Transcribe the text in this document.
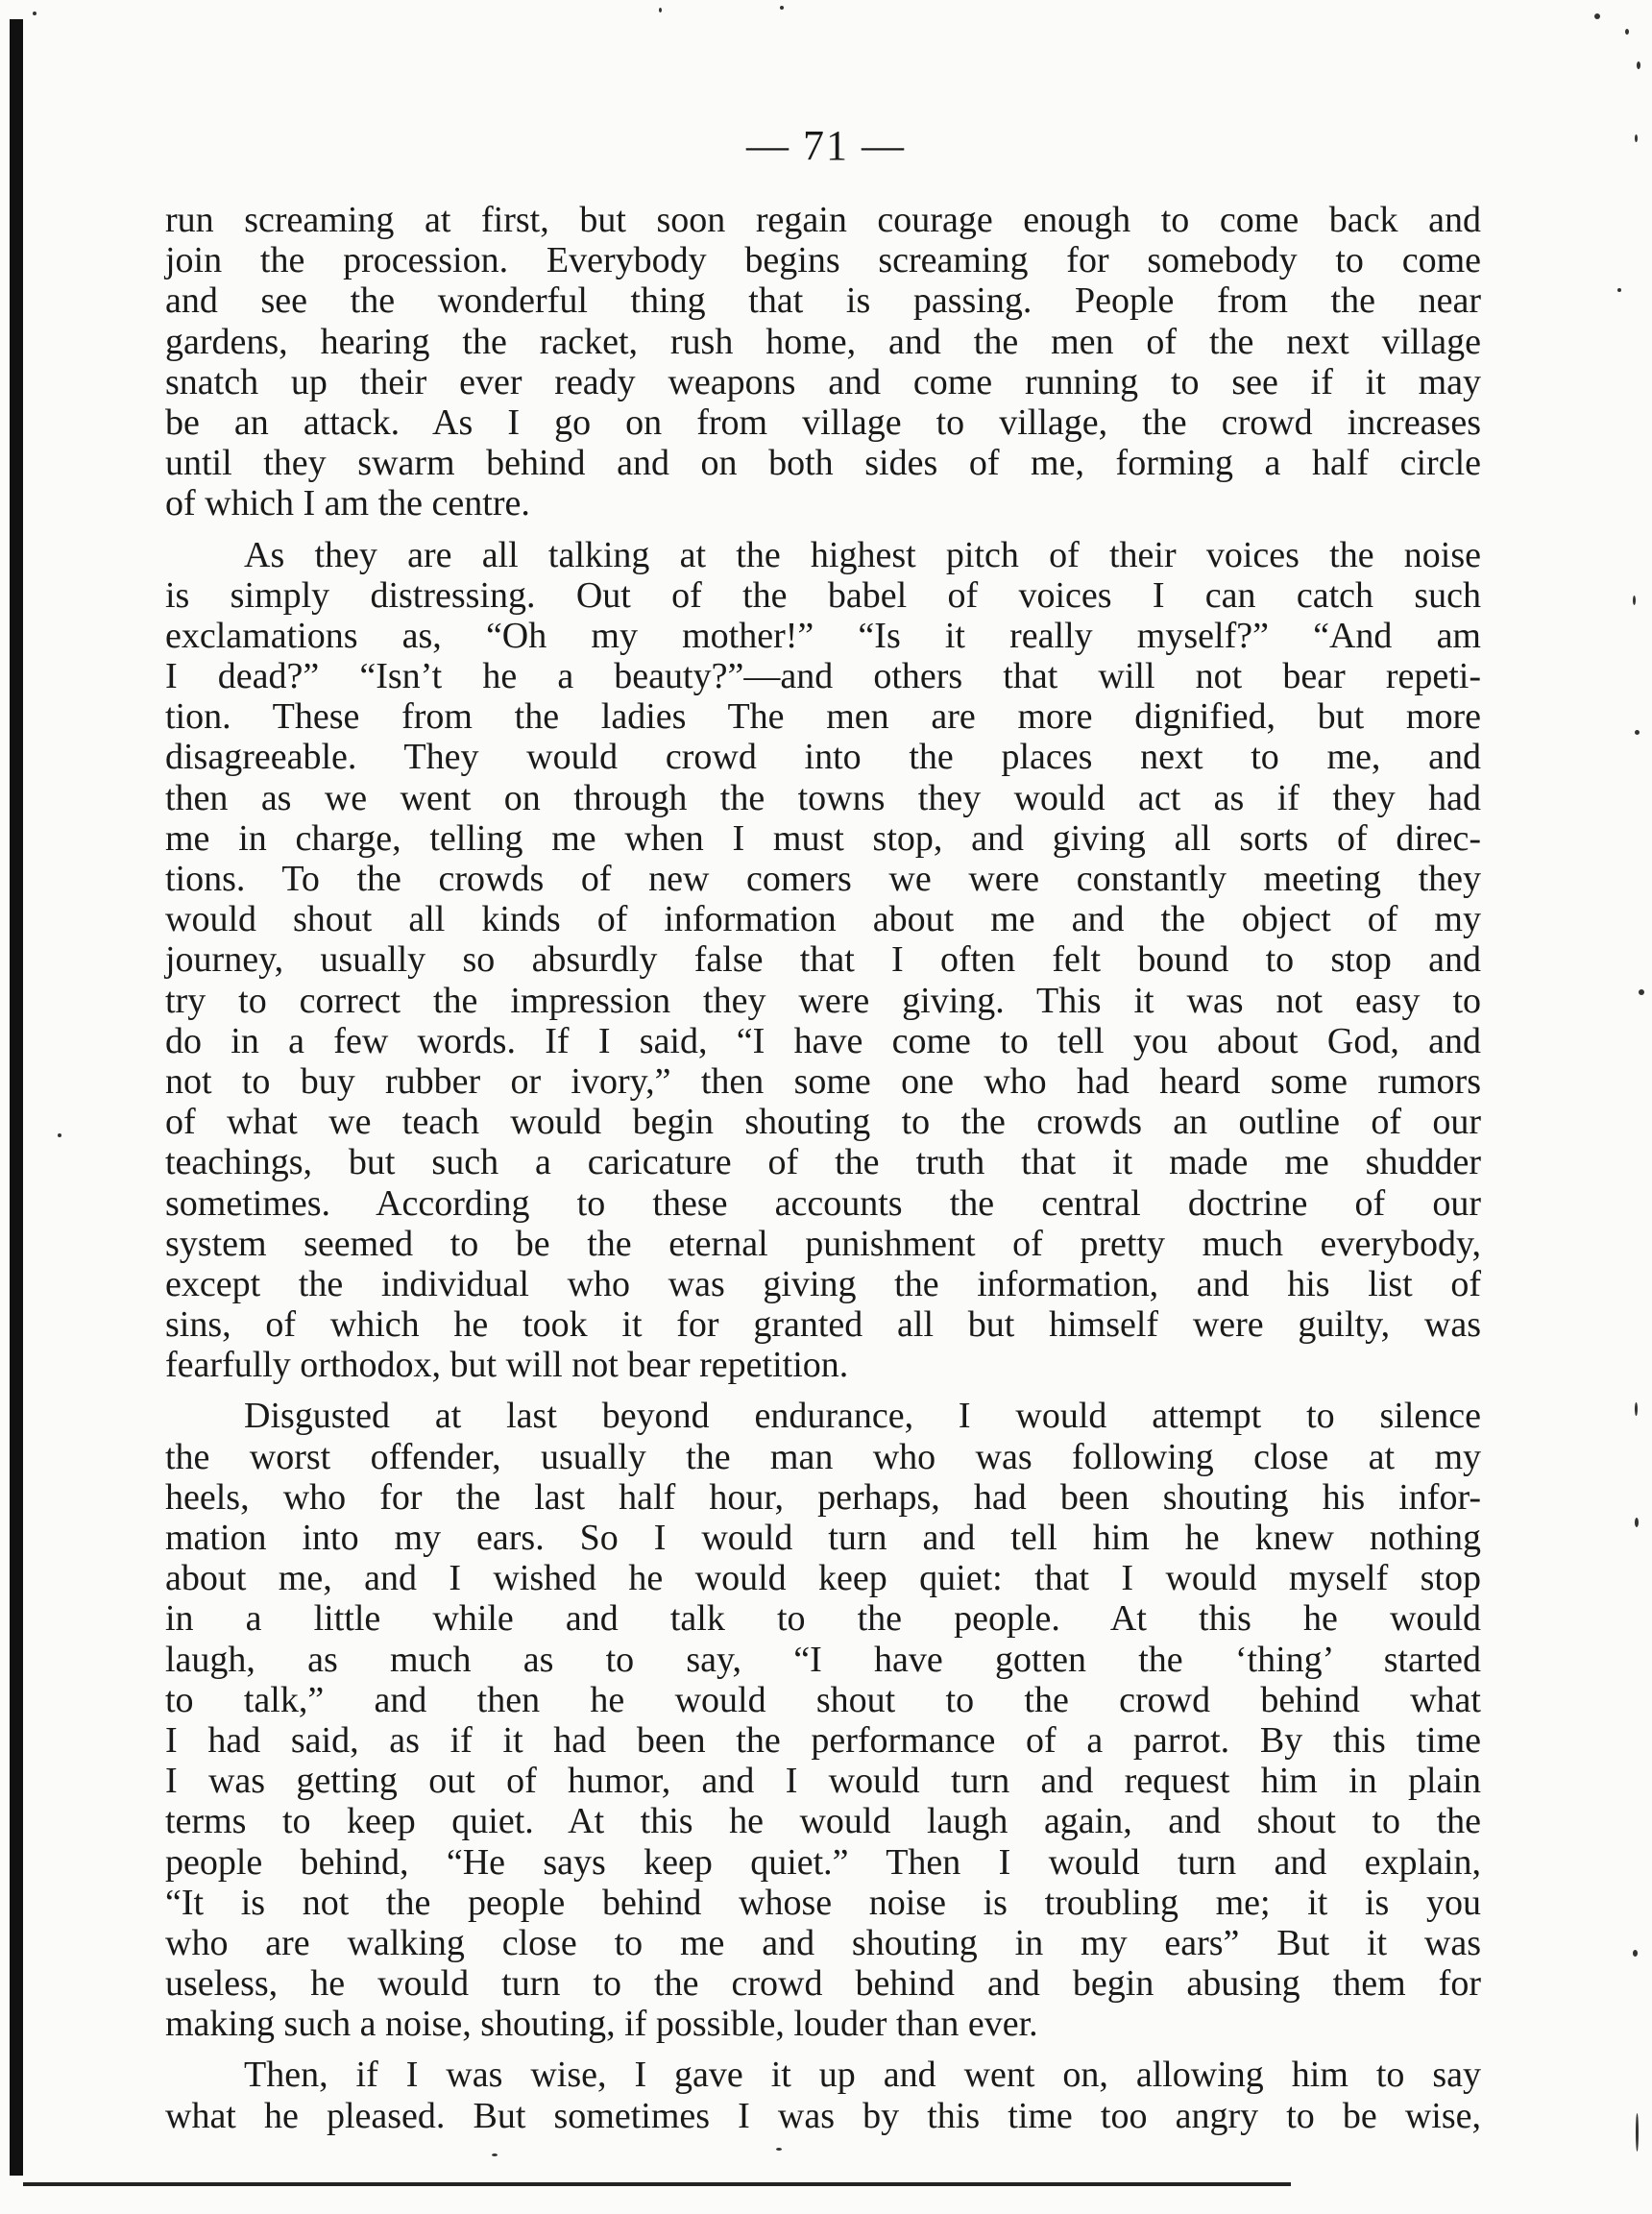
— 71 —

run screaming at first, but soon regain courage enough to come back and
join the procession. Everybody begins screaming for somebody to come
and see the wonderful thing that is passing. People from the near
gardens, hearing the racket, rush home, and the men of the next village
snatch up their ever ready weapons and come running to see if it may
be an attack. As I go on from village to village, the crowd increases
until they swarm behind and on both sides of me, forming a half circle
of which I am the centre.

As they are all talking at the highest pitch of their voices the noise
is simply distressing. Out of the babel of voices I can catch such
exclamations as, “Oh my mother!” “Is it really myself?” “And am
I dead?” “Isn’t he a beauty?”—and others that will not bear repeti-
tion. These from the ladies The men are more dignified, but more
disagreeable. They would crowd into the places next to me, and
then as we went on through the towns they would act as if they had
me in charge, telling me when I must stop, and giving all sorts of direc-
tions. To the crowds of new comers we were constantly meeting they
would shout all kinds of information about me and the object of my
journey, usually so absurdly false that I often felt bound to stop and
try to correct the impression they were giving. This it was not easy to
do in a few words. If I said, “I have come to tell you about God, and
not to buy rubber or ivory,” then some one who had heard some rumors
of what we teach would begin shouting to the crowds an outline of our
teachings, but such a caricature of the truth that it made me shudder
sometimes. According to these accounts the central doctrine of our
system seemed to be the eternal punishment of pretty much everybody,
except the individual who was giving the information, and his list of
sins, of which he took it for granted all but himself were guilty, was
fearfully orthodox, but will not bear repetition.

Disgusted at last beyond endurance, I would attempt to silence
the worst offender, usually the man who was following close at my
heels, who for the last half hour, perhaps, had been shouting his infor-
mation into my ears. So I would turn and tell him he knew nothing
about me, and I wished he would keep quiet: that I would myself stop
in a little while and talk to the people. At this he would
laugh, as much as to say, “I have gotten the ‘thing’ started
to talk,” and then he would shout to the crowd behind what
I had said, as if it had been the performance of a parrot. By this time
I was getting out of humor, and I would turn and request him in plain
terms to keep quiet. At this he would laugh again, and shout to the
people behind, “He says keep quiet.” Then I would turn and explain,
“It is not the people behind whose noise is troubling me; it is you
who are walking close to me and shouting in my ears” But it was
useless, he would turn to the crowd behind and begin abusing them for
making such a noise, shouting, if possible, louder than ever.

Then, if I was wise, I gave it up and went on, allowing him to say
what he pleased. But sometimes I was by this time too angry to be wise,
